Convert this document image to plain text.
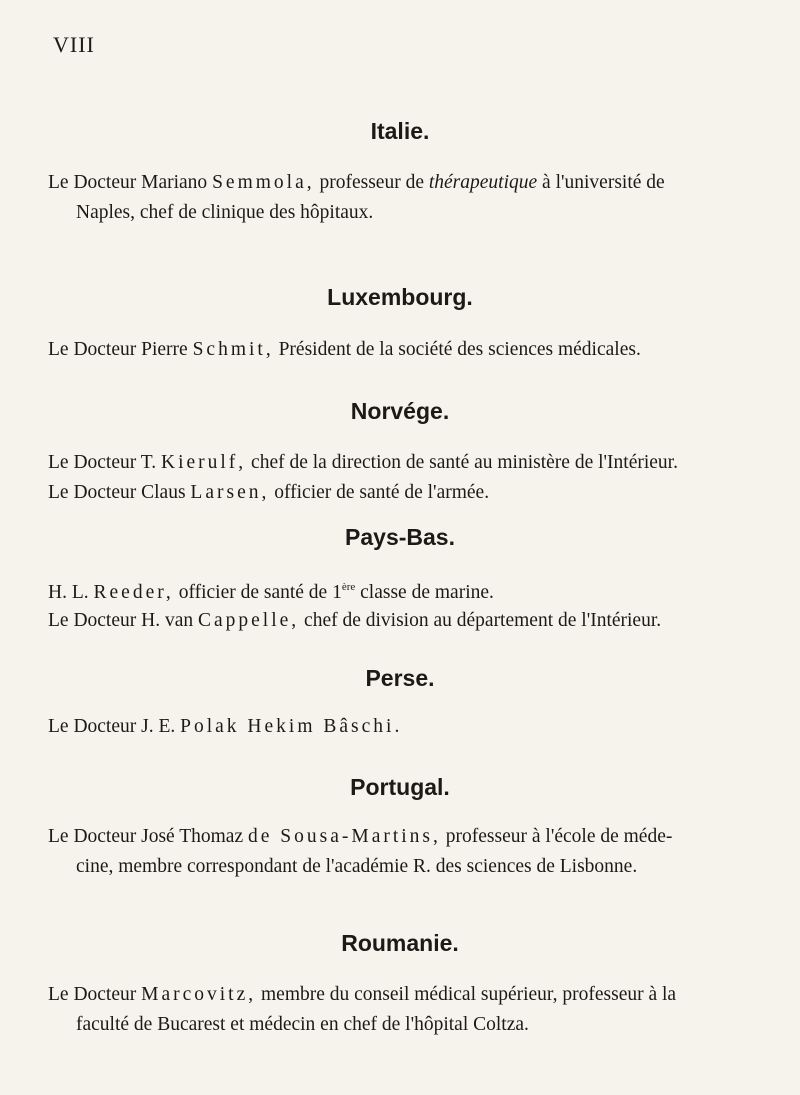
VIII
Italie.
Le Docteur Mariano Semmola, professeur de thérapeutique à l'université de
Naples, chef de clinique des hôpitaux.
Luxembourg.
Le Docteur Pierre Schmit, Président de la société des sciences médicales.
Norvége.
Le Docteur T. Kierulf, chef de la direction de santé au ministère de l'Intérieur.
Le Docteur Claus Larsen, officier de santé de l'armée.
Pays-Bas.
H. L. Reeder, officier de santé de 1ère classe de marine.
Le Docteur H. van Cappelle, chef de division au département de l'Intérieur.
Perse.
Le Docteur J. E. Polak Hekim Bâschi.
Portugal.
Le Docteur José Thomaz de Sousa-Martins, professeur à l'école de méde-
cine, membre correspondant de l'académie R. des sciences de Lisbonne.
Roumanie.
Le Docteur Marcovitz, membre du conseil médical supérieur, professeur à la
faculté de Bucarest et médecin en chef de l'hôpital Coltza.
